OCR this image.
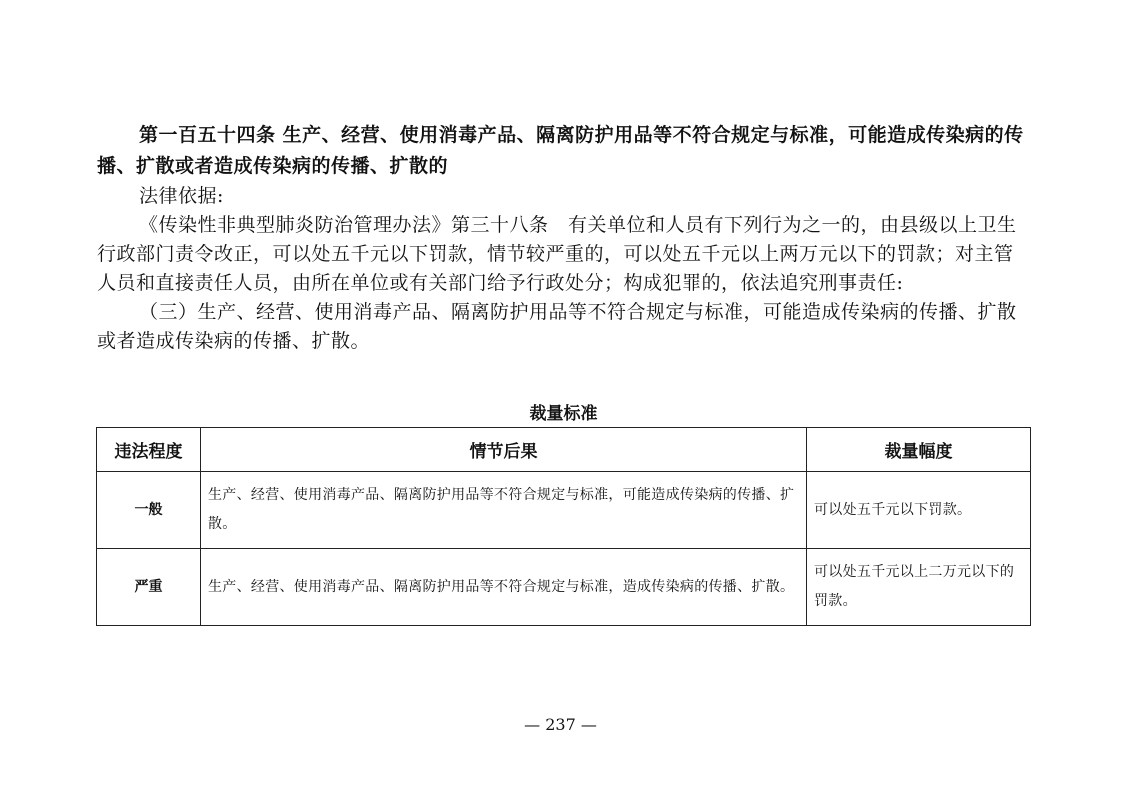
第一百五十四条 生产、经营、使用消毒产品、隔离防护用品等不符合规定与标准，可能造成传染病的传播、扩散或者造成传染病的传播、扩散的

法律依据:

《传染性非典型肺炎防治管理办法》第三十八条　有关单位和人员有下列行为之一的，由县级以上卫生行政部门责令改正，可以处五千元以下罚款，情节较严重的，可以处五千元以上两万元以下的罚款；对主管人员和直接责任人员，由所在单位或有关部门给予行政处分；构成犯罪的，依法追究刑事责任:

（三）生产、经营、使用消毒产品、隔离防护用品等不符合规定与标准，可能造成传染病的传播、扩散或者造成传染病的传播、扩散。

裁量标准
违法程度	情节后果	裁量幅度
一般	生产、经营、使用消毒产品、隔离防护用品等不符合规定与标准，可能造成传染病的传播、扩散。	可以处五千元以下罚款。
严重	生产、经营、使用消毒产品、隔离防护用品等不符合规定与标准，造成传染病的传播、扩散。	可以处五千元以上二万元以下的罚款。
— 237 —
